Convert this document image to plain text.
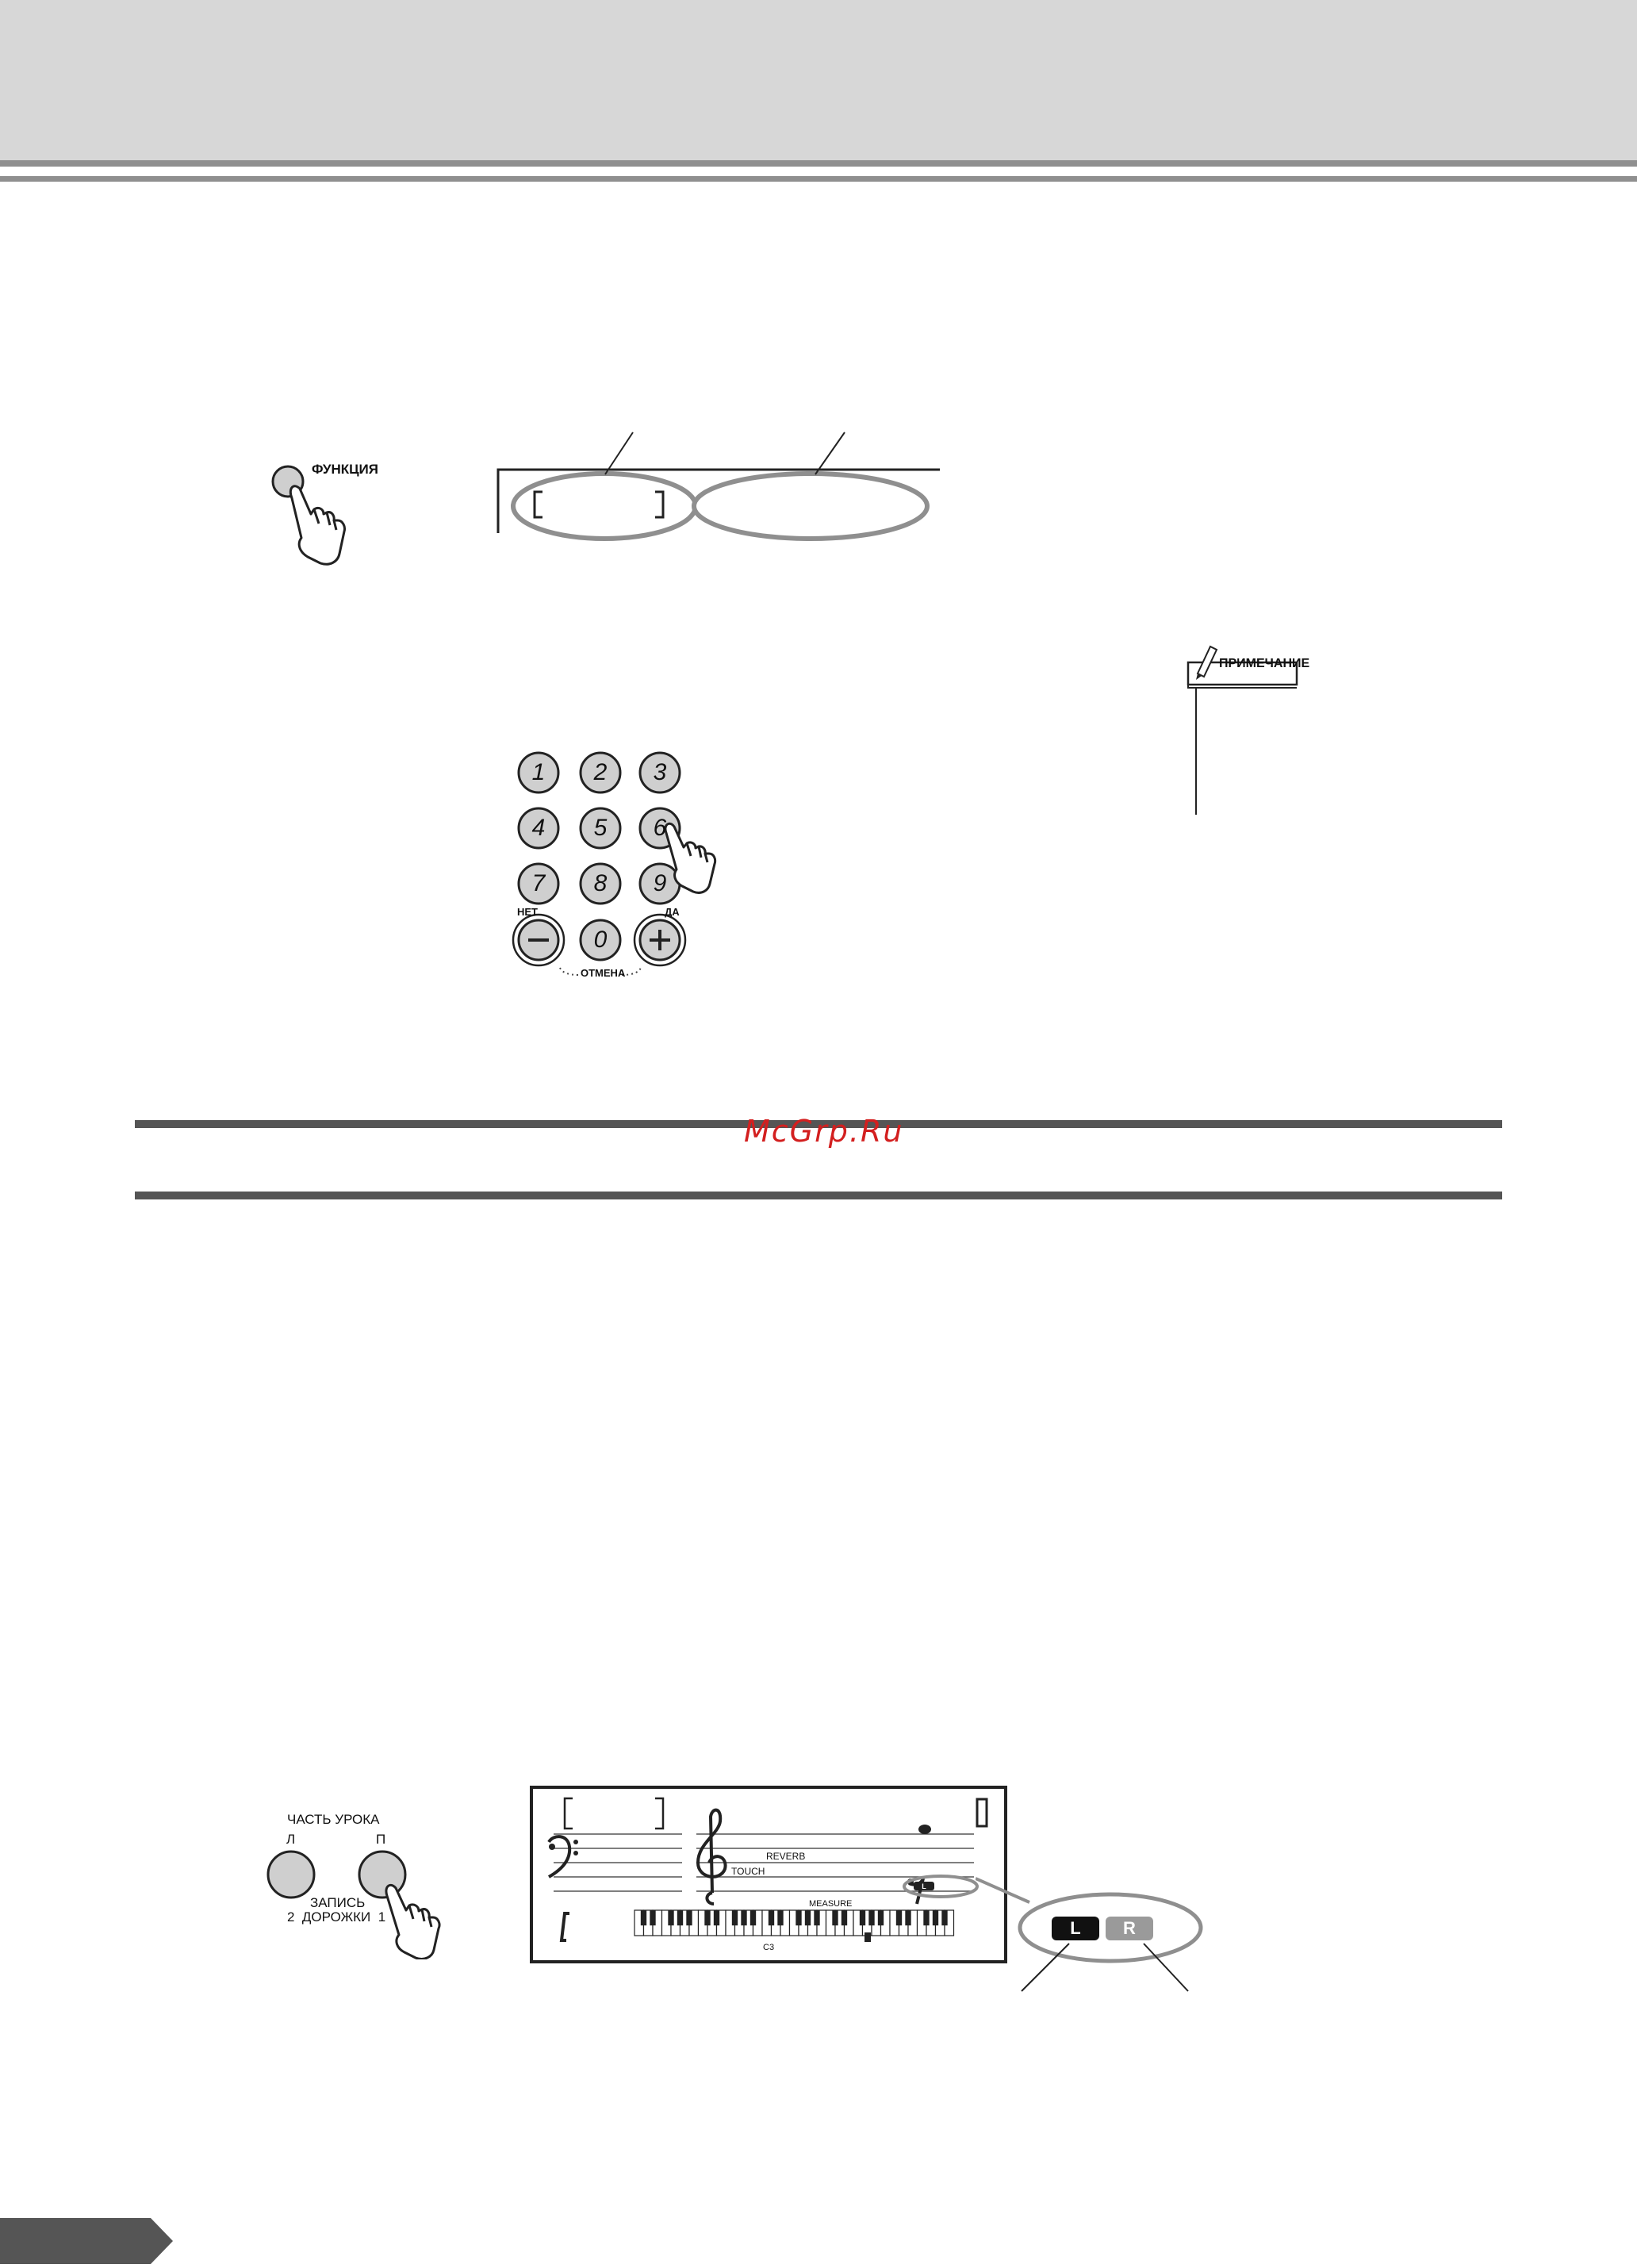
ФУНКЦИЯ
ПРИМЕЧАНИЕ
1 2 3
4 5 6
7 8 9
0
НЕТ	ДА
ОТМЕНА
McGrp.Ru
ЧАСТЬ УРОКА
Л	П
ЗАПИСЬ
2  ДОРОЖКИ  1
L
REVERB
TOUCH
MEASURE
C3
L	R
